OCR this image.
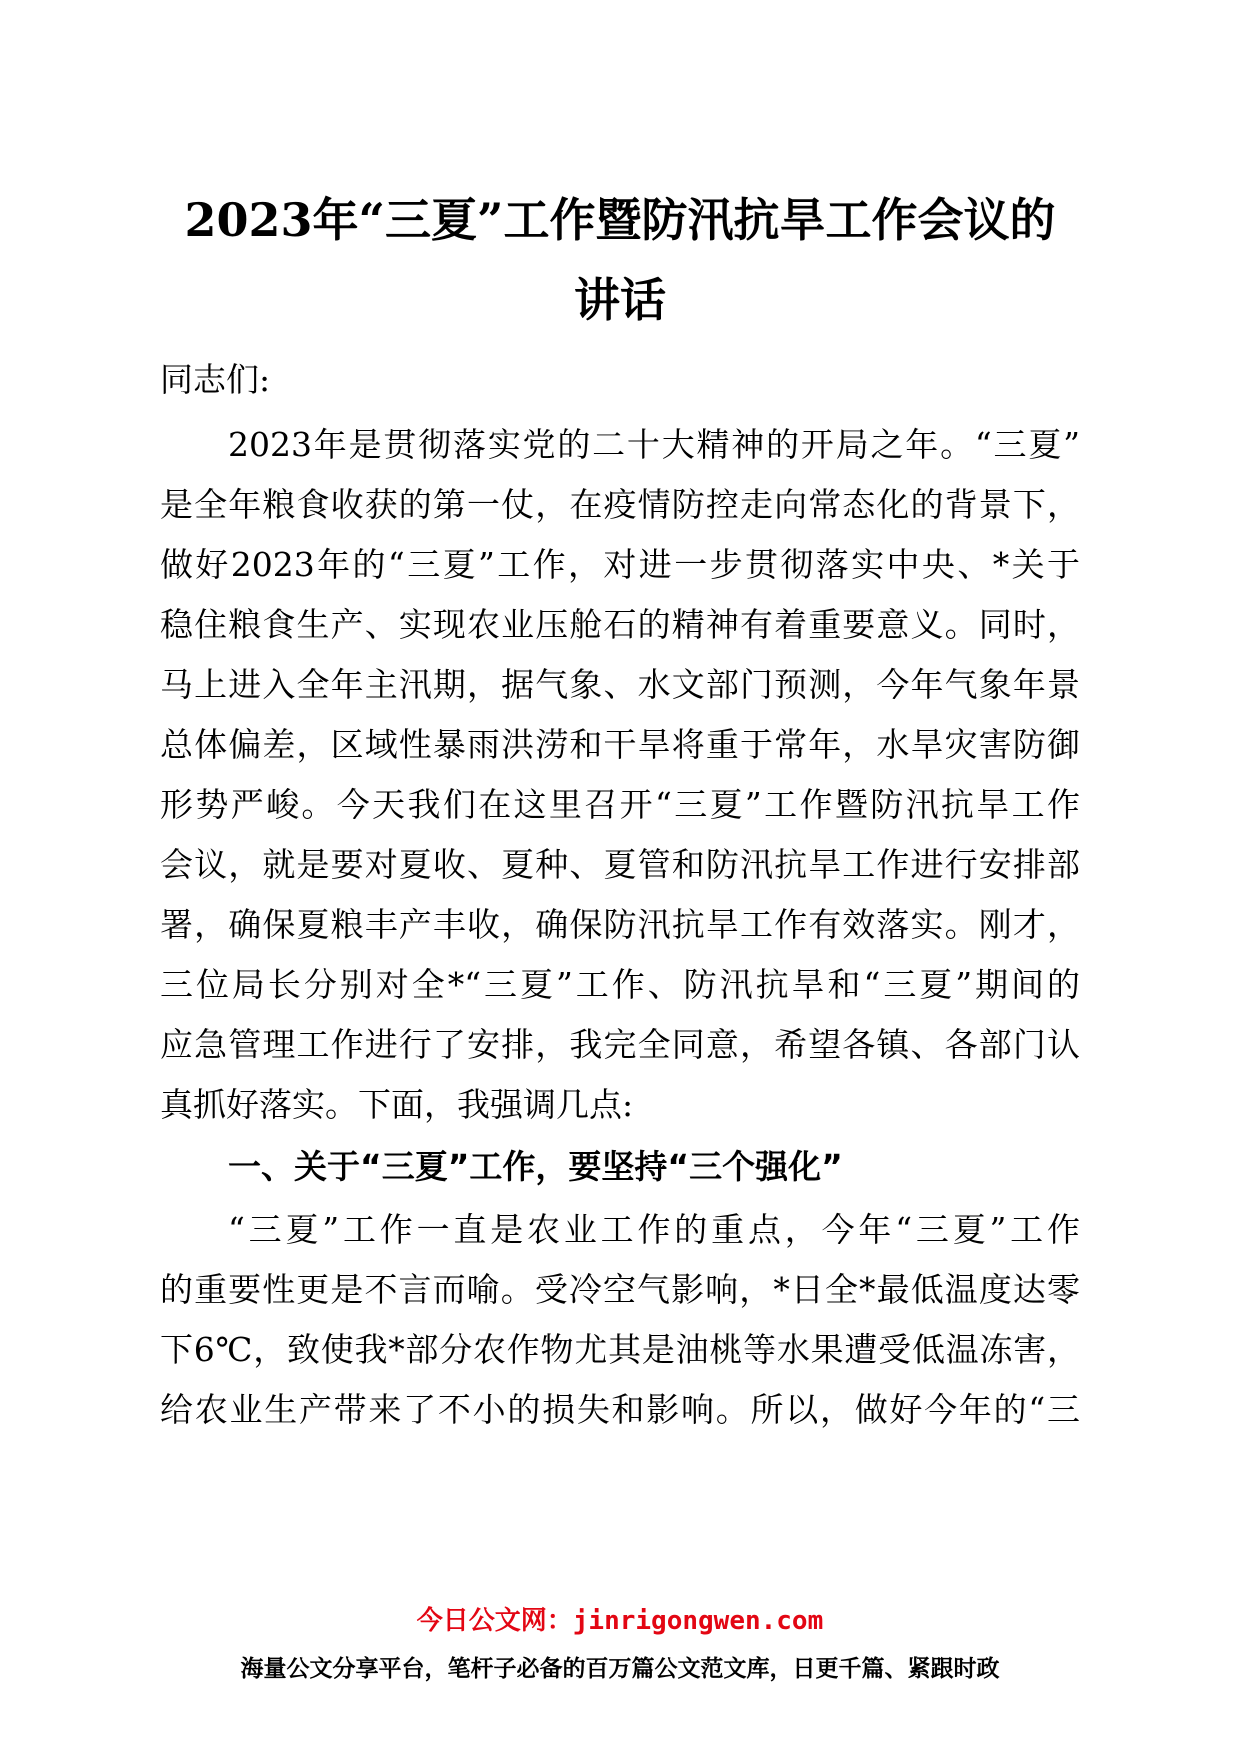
2023年“三夏”工作暨防汛抗旱工作会议的
讲话
同志们:
2023年是贯彻落实党的二十大精神的开局之年。“三夏”
是全年粮食收获的第一仗，在疫情防控走向常态化的背景下，
做好2023年的“三夏”工作，对进一步贯彻落实中央、*关于
稳住粮食生产、实现农业压舱石的精神有着重要意义。同时，
马上进入全年主汛期，据气象、水文部门预测，今年气象年景
总体偏差，区域性暴雨洪涝和干旱将重于常年，水旱灾害防御
形势严峻。今天我们在这里召开“三夏”工作暨防汛抗旱工作
会议，就是要对夏收、夏种、夏管和防汛抗旱工作进行安排部
署，确保夏粮丰产丰收，确保防汛抗旱工作有效落实。刚才，
三位局长分别对全*“三夏”工作、防汛抗旱和“三夏”期间的
应急管理工作进行了安排，我完全同意，希望各镇、各部门认
真抓好落实。下面，我强调几点:
一、关于“三夏”工作，要坚持“三个强化”
“三夏”工作一直是农业工作的重点，今年“三夏”工作
的重要性更是不言而喻。受冷空气影响，*日全*最低温度达零
下6℃，致使我*部分农作物尤其是油桃等水果遭受低温冻害，
给农业生产带来了不小的损失和影响。所以，做好今年的“三
今日公文网：jinrigongwen.com
海量公文分享平台，笔杆子必备的百万篇公文范文库，日更千篇、紧跟时政
